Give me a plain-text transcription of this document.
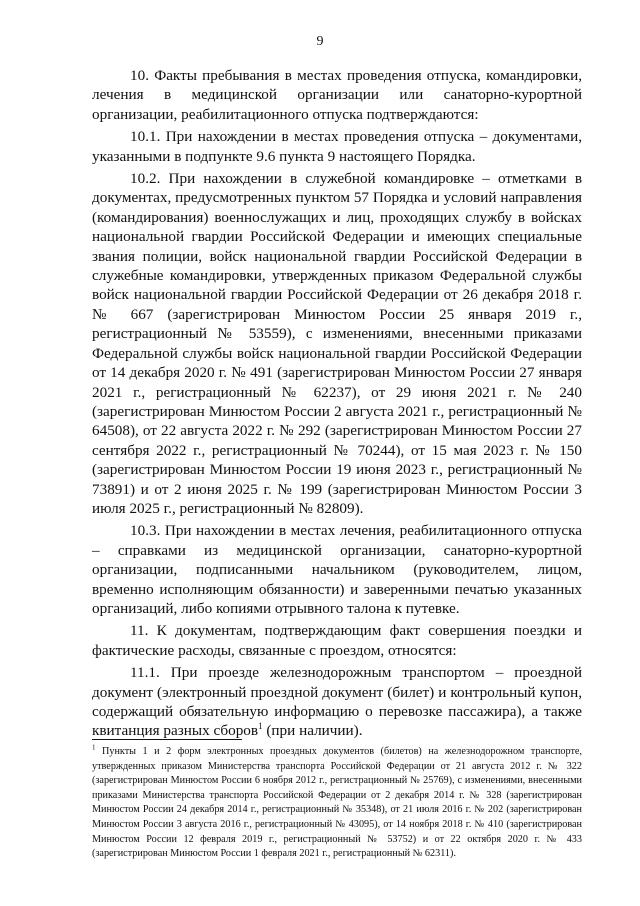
9

10. Факты пребывания в местах проведения отпуска, командировки, лечения в медицинской организации или санаторно-курортной организации, реабилитационного отпуска подтверждаются:

10.1. При нахождении в местах проведения отпуска – документами, указанными в подпункте 9.6 пункта 9 настоящего Порядка.

10.2. При нахождении в служебной командировке – отметками в документах, предусмотренных пунктом 57 Порядка и условий направления (командирования) военнослужащих и лиц, проходящих службу в войсках национальной гвардии Российской Федерации и имеющих специальные звания полиции, войск национальной гвардии Российской Федерации в служебные командировки, утвержденных приказом Федеральной службы войск национальной гвардии Российской Федерации от 26 декабря 2018 г. № 667 (зарегистрирован Минюстом России 25 января 2019 г., регистрационный № 53559), с изменениями, внесенными приказами Федеральной службы войск национальной гвардии Российской Федерации от 14 декабря 2020 г. № 491 (зарегистрирован Минюстом России 27 января 2021 г., регистрационный № 62237), от 29 июня 2021 г. № 240 (зарегистрирован Минюстом России 2 августа 2021 г., регистрационный № 64508), от 22 августа 2022 г. № 292 (зарегистрирован Минюстом России 27 сентября 2022 г., регистрационный № 70244), от 15 мая 2023 г. № 150 (зарегистрирован Минюстом России 19 июня 2023 г., регистрационный № 73891) и от 2 июня 2025 г. № 199 (зарегистрирован Минюстом России 3 июля 2025 г., регистрационный № 82809).

10.3. При нахождении в местах лечения, реабилитационного отпуска – справками из медицинской организации, санаторно-курортной организации, подписанными начальником (руководителем, лицом, временно исполняющим обязанности) и заверенными печатью указанных организаций, либо копиями отрывного талона к путевке.

11. К документам, подтверждающим факт совершения поездки и фактические расходы, связанные с проездом, относятся:

11.1. При проезде железнодорожным транспортом – проездной документ (электронный проездной документ (билет) и контрольный купон, содержащий обязательную информацию о перевозке пассажира), а также квитанция разных сборов$^1$ (при наличии).

$^1$ Пункты 1 и 2 форм электронных проездных документов (билетов) на железнодорожном транспорте, утвержденных приказом Министерства транспорта Российской Федерации от 21 августа 2012 г. № 322 (зарегистрирован Минюстом России 6 ноября 2012 г., регистрационный № 25769), с изменениями, внесенными приказами Министерства транспорта Российской Федерации от 2 декабря 2014 г. № 328 (зарегистрирован Минюстом России 24 декабря 2014 г., регистрационный № 35348), от 21 июля 2016 г. № 202 (зарегистрирован Минюстом России 3 августа 2016 г., регистрационный № 43095), от 14 ноября 2018 г. № 410 (зарегистрирован Минюстом России 12 февраля 2019 г., регистрационный № 53752) и от 22 октября 2020 г. № 433 (зарегистрирован Минюстом России 1 февраля 2021 г., регистрационный № 62311).
